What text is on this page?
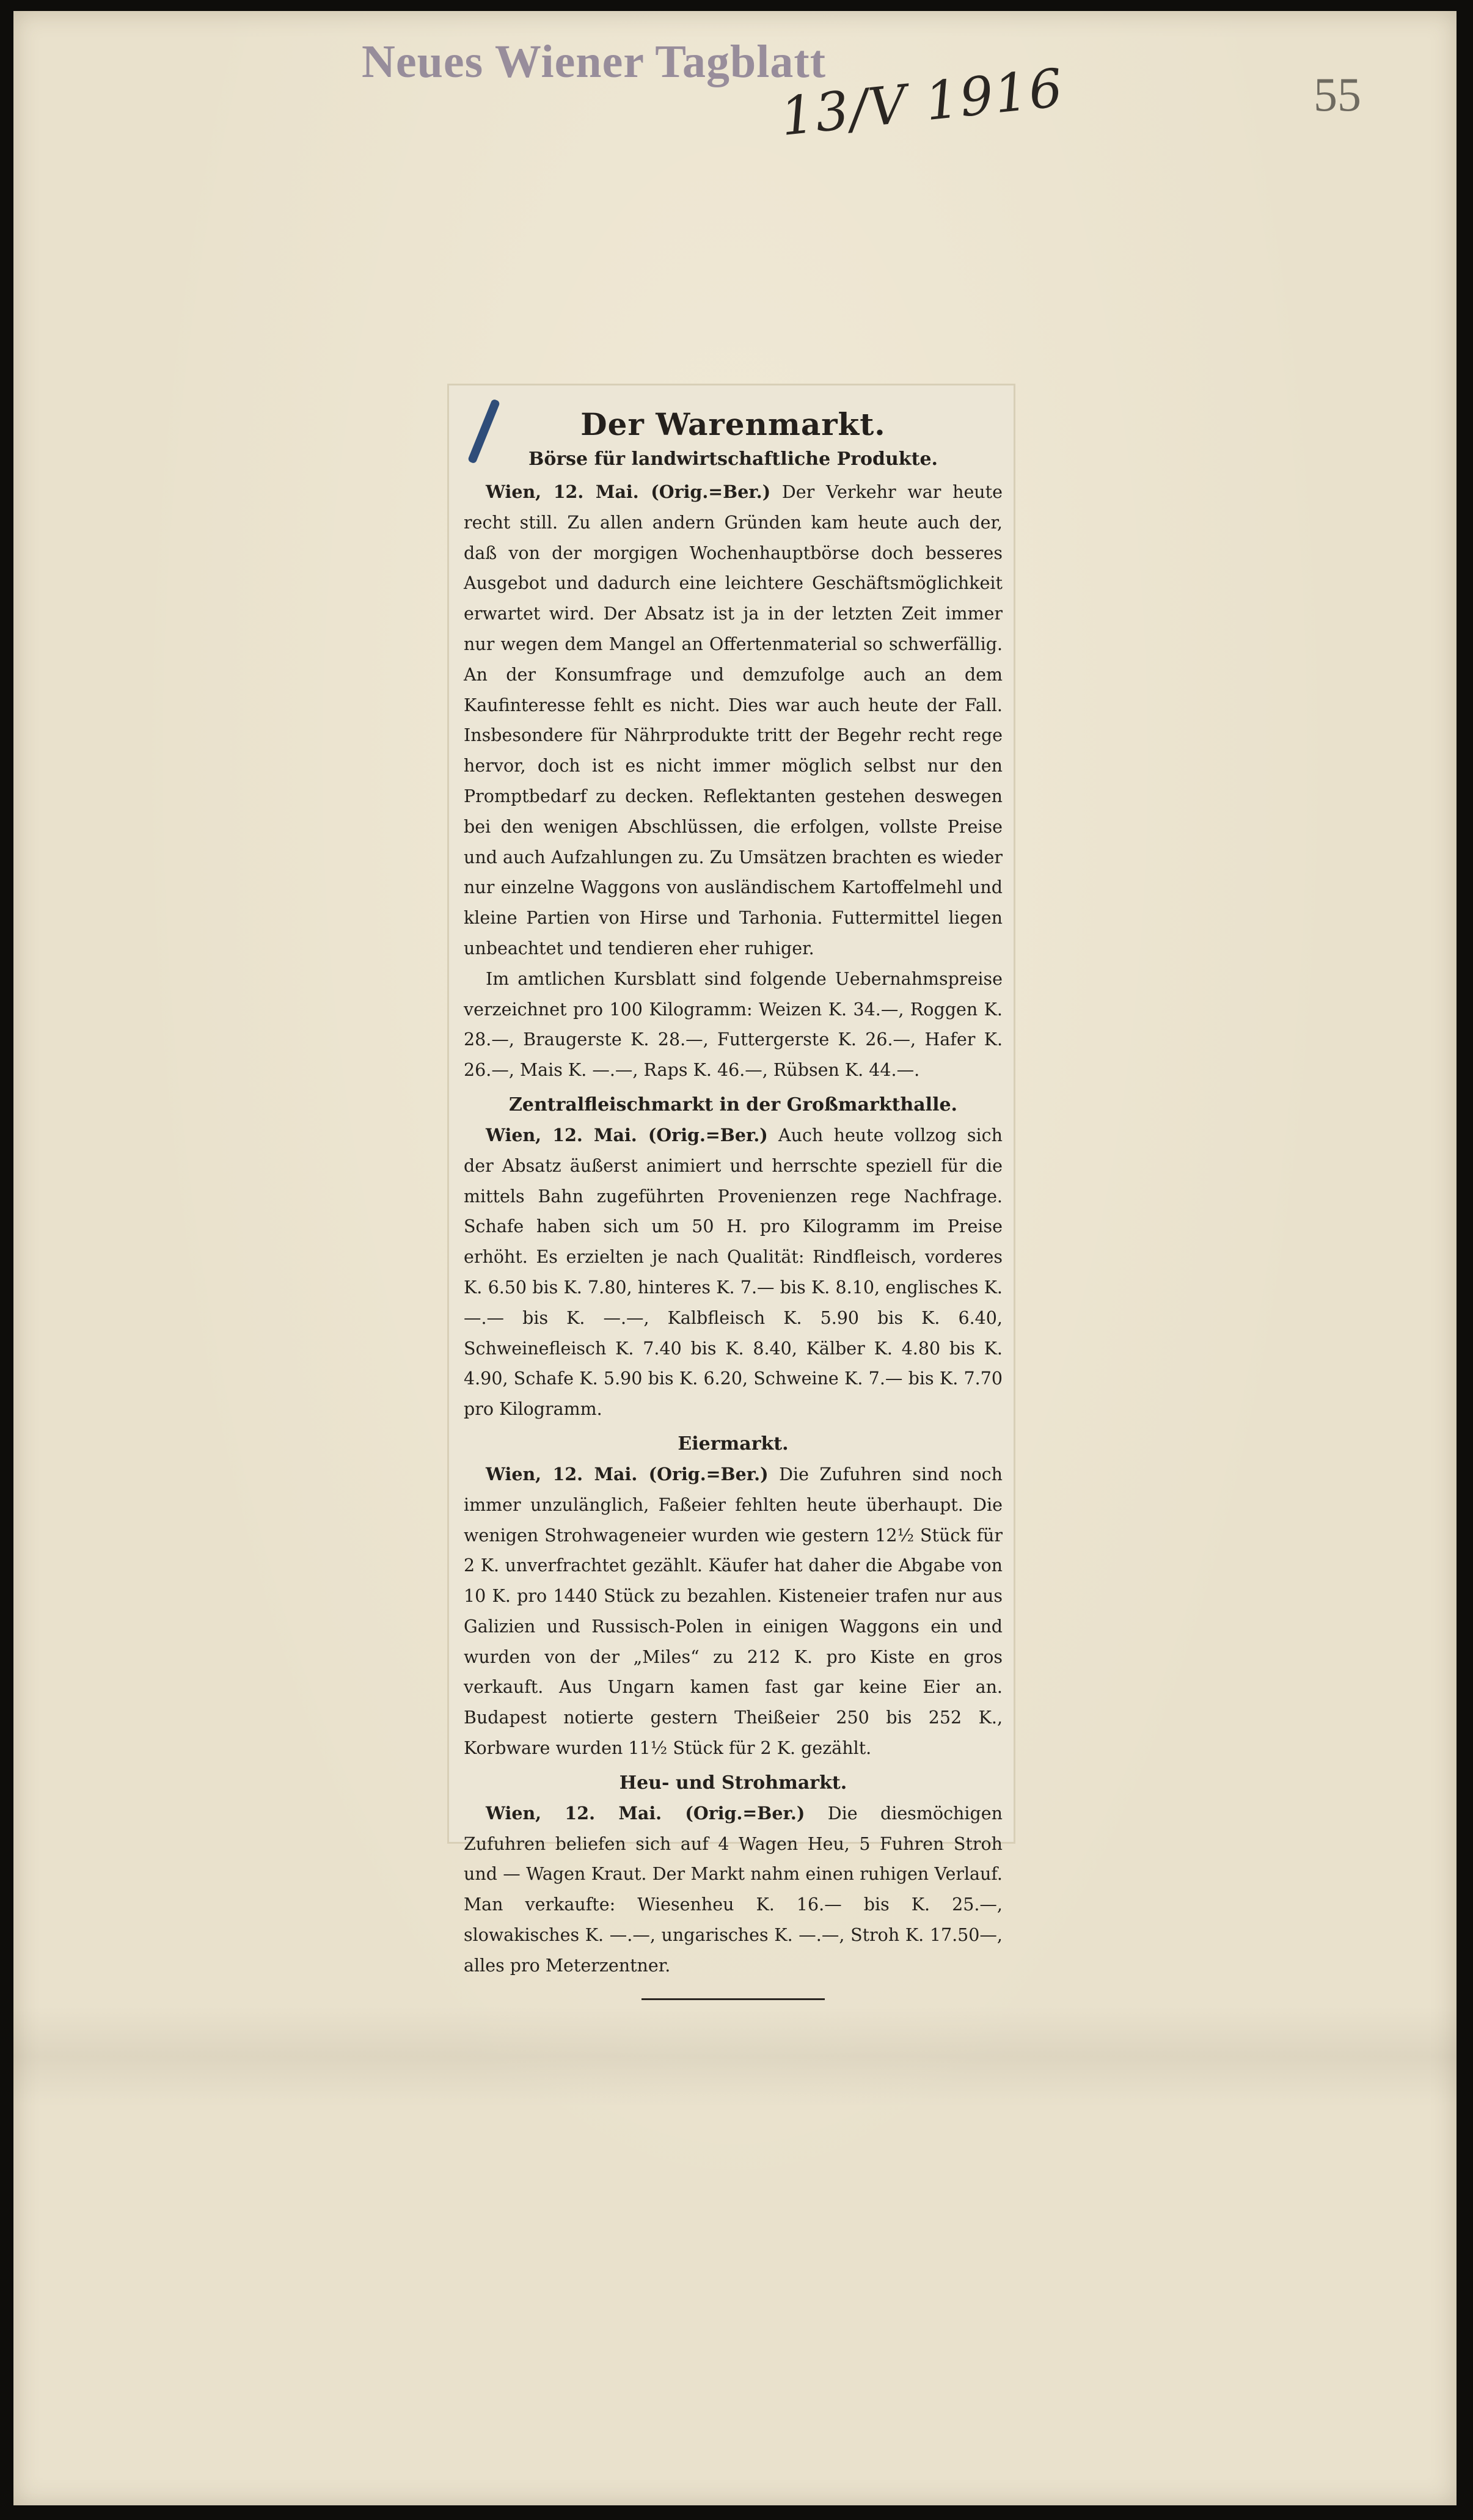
Neues Wiener Tagblatt
13/V 1916	55
Der Warenmarkt.
Börse für landwirtschaftliche Produkte.

Wien, 12. Mai. (Orig.=Ber.) Der Verkehr war heute recht still. Zu allen andern Gründen kam heute auch der, daß von der morgigen Wochenhauptbörse doch besseres Ausgebot und dadurch eine leichtere Geschäftsmöglichkeit erwartet wird. Der Absatz ist ja in der letzten Zeit immer nur wegen dem Mangel an Offertenmaterial so schwerfällig. An der Konsumfrage und demzufolge auch an dem Kaufinteresse fehlt es nicht. Dies war auch heute der Fall. Insbesondere für Nährprodukte tritt der Begehr recht rege hervor, doch ist es nicht immer möglich selbst nur den Promptbedarf zu decken. Reflektanten gestehen deswegen bei den wenigen Abschlüssen, die erfolgen, vollste Preise und auch Aufzahlungen zu. Zu Umsätzen brachten es wieder nur einzelne Waggons von ausländischem Kartoffelmehl und kleine Partien von Hirse und Tarhonia. Futtermittel liegen unbeachtet und tendieren eher ruhiger.

Im amtlichen Kursblatt sind folgende Uebernahmspreise verzeichnet pro 100 Kilogramm: Weizen K. 34.—, Roggen K. 28.—, Braugerste K. 28.—, Futtergerste K. 26.—, Hafer K. 26.—, Mais K. —.—, Raps K. 46.—, Rübsen K. 44.—.

Zentralfleischmarkt in der Großmarkthalle.

Wien, 12. Mai. (Orig.=Ber.) Auch heute vollzog sich der Absatz äußerst animiert und herrschte speziell für die mittels Bahn zugeführten Provenienzen rege Nachfrage. Schafe haben sich um 50 H. pro Kilogramm im Preise erhöht. Es erzielten je nach Qualität: Rindfleisch, vorderes K. 6.50 bis K. 7.80, hinteres K. 7.— bis K. 8.10, englisches K. —.— bis K. —.—, Kalbfleisch K. 5.90 bis K. 6.40, Schweinefleisch K. 7.40 bis K. 8.40, Kälber K. 4.80 bis K. 4.90, Schafe K. 5.90 bis K. 6.20, Schweine K. 7.— bis K. 7.70 pro Kilogramm.

Eiermarkt.

Wien, 12. Mai. (Orig.=Ber.) Die Zufuhren sind noch immer unzulänglich, Faßeier fehlten heute überhaupt. Die wenigen Strohwageneier wurden wie gestern 12½ Stück für 2 K. unverfrachtet gezählt. Käufer hat daher die Abgabe von 10 K. pro 1440 Stück zu bezahlen. Kisteneier trafen nur aus Galizien und Russisch-Polen in einigen Waggons ein und wurden von der „Miles“ zu 212 K. pro Kiste en gros verkauft. Aus Ungarn kamen fast gar keine Eier an. Budapest notierte gestern Theißeier 250 bis 252 K., Korbware wurden 11½ Stück für 2 K. gezählt.

Heu- und Strohmarkt.

Wien, 12. Mai. (Orig.=Ber.) Die diesmöchigen Zufuhren beliefen sich auf 4 Wagen Heu, 5 Fuhren Stroh und — Wagen Kraut. Der Markt nahm einen ruhigen Verlauf. Man verkaufte: Wiesenheu K. 16.— bis K. 25.—, slowakisches K. —.—, ungarisches K. —.—, Stroh K. 17.50—, alles pro Meterzentner.
